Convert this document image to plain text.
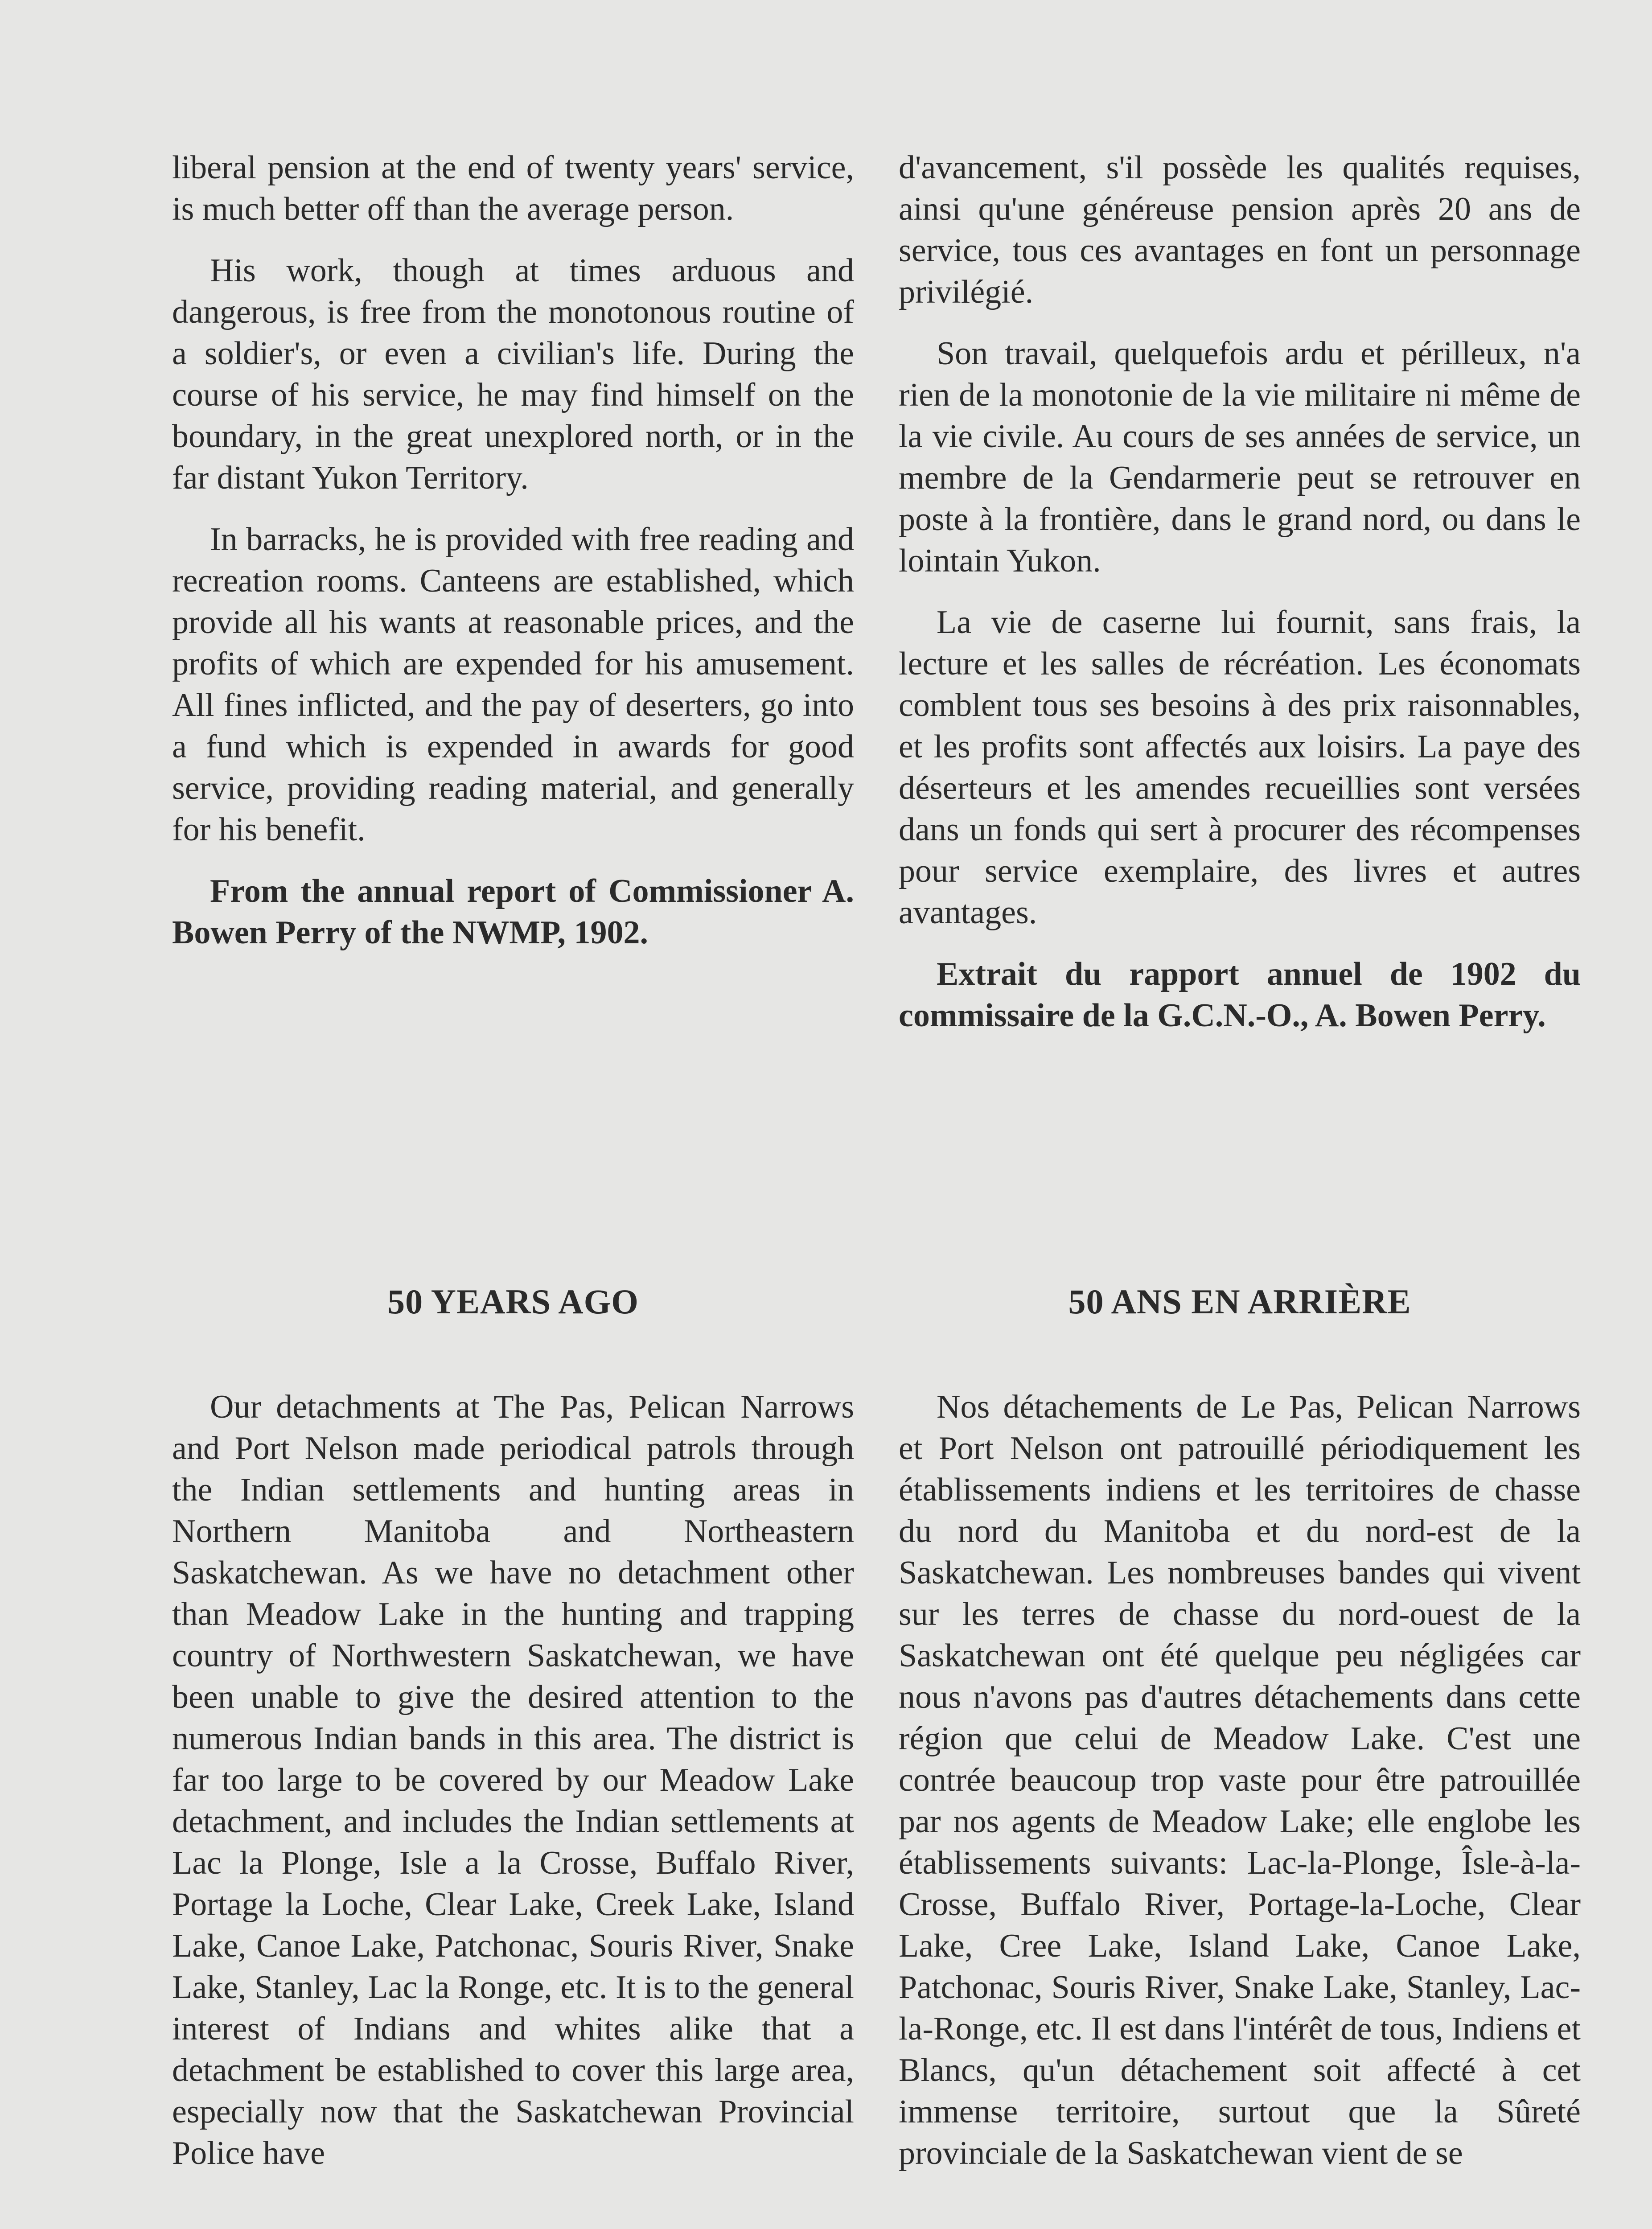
liberal pension at the end of twenty years' service, is much better off than the average person.

His work, though at times arduous and dangerous, is free from the monotonous routine of a soldier's, or even a civilian's life. During the course of his service, he may find himself on the boundary, in the great unexplored north, or in the far distant Yukon Territory.

In barracks, he is provided with free reading and recreation rooms. Canteens are established, which provide all his wants at reasonable prices, and the profits of which are expended for his amusement. All fines inflicted, and the pay of deserters, go into a fund which is expended in awards for good service, providing reading material, and generally for his benefit.

From the annual report of Commissioner A. Bowen Perry of the NWMP, 1902.

d'avancement, s'il possède les qualités requises, ainsi qu'une généreuse pension après 20 ans de service, tous ces avantages en font un personnage privilégié.

Son travail, quelquefois ardu et périlleux, n'a rien de la monotonie de la vie militaire ni même de la vie civile. Au cours de ses années de service, un membre de la Gendarmerie peut se retrouver en poste à la frontière, dans le grand nord, ou dans le lointain Yukon.

La vie de caserne lui fournit, sans frais, la lecture et les salles de récréation. Les économats comblent tous ses besoins à des prix raisonnables, et les profits sont affectés aux loisirs. La paye des déserteurs et les amendes recueillies sont versées dans un fonds qui sert à procurer des récompenses pour service exemplaire, des livres et autres avantages.

Extrait du rapport annuel de 1902 du commissaire de la G.C.N.-O., A. Bowen Perry.

50 YEARS AGO	50 ANS EN ARRIÈRE

Our detachments at The Pas, Pelican Narrows and Port Nelson made periodical patrols through the Indian settlements and hunting areas in Northern Manitoba and Northeastern Saskatchewan. As we have no detachment other than Meadow Lake in the hunting and trapping country of Northwestern Saskatchewan, we have been unable to give the desired attention to the numerous Indian bands in this area. The district is far too large to be covered by our Meadow Lake detachment, and includes the Indian settlements at Lac la Plonge, Isle a la Crosse, Buffalo River, Portage la Loche, Clear Lake, Creek Lake, Island Lake, Canoe Lake, Patchonac, Souris River, Snake Lake, Stanley, Lac la Ronge, etc. It is to the general interest of Indians and whites alike that a detachment be established to cover this large area, especially now that the Saskatchewan Provincial Police have

Nos détachements de Le Pas, Pelican Narrows et Port Nelson ont patrouillé périodiquement les établissements indiens et les territoires de chasse du nord du Manitoba et du nord-est de la Saskatchewan. Les nombreuses bandes qui vivent sur les terres de chasse du nord-ouest de la Saskatchewan ont été quelque peu négligées car nous n'avons pas d'autres détachements dans cette région que celui de Meadow Lake. C'est une contrée beaucoup trop vaste pour être patrouillée par nos agents de Meadow Lake; elle englobe les établissements suivants: Lac-la-Plonge, Îsle-à-la-Crosse, Buffalo River, Portage-la-Loche, Clear Lake, Cree Lake, Island Lake, Canoe Lake, Patchonac, Souris River, Snake Lake, Stanley, Lac-la-Ronge, etc. Il est dans l'intérêt de tous, Indiens et Blancs, qu'un détachement soit affecté à cet immense territoire, surtout que la Sûreté provinciale de la Saskatchewan vient de se
